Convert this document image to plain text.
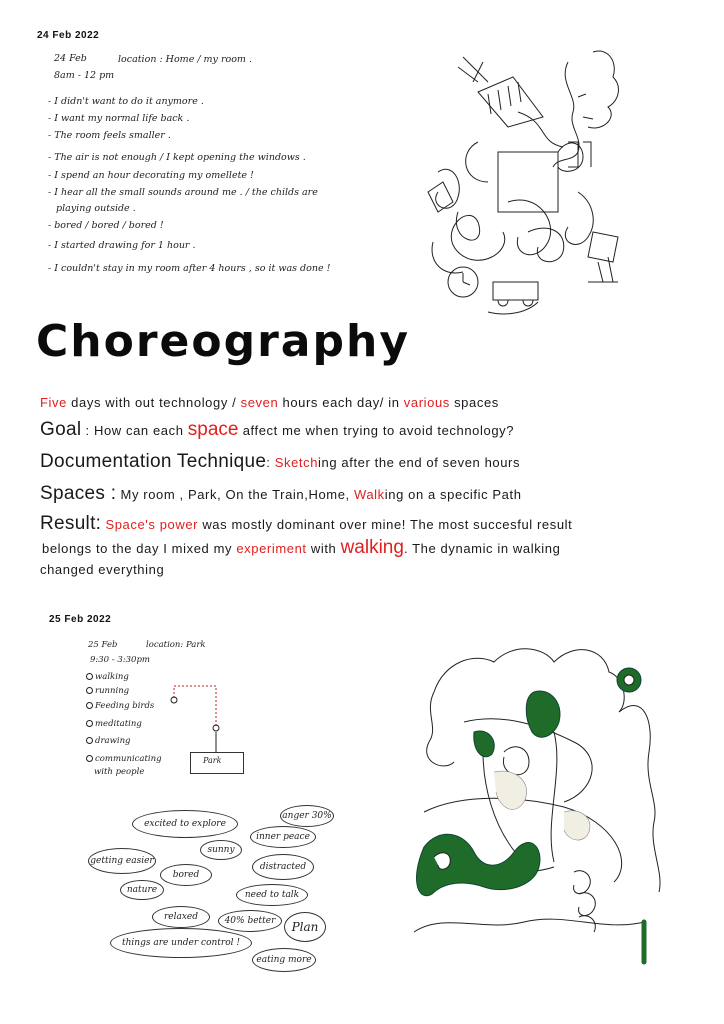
24 Feb 2022
24 Feb	location : Home / my room .
8am - 12 pm
- I didn't want to do it anymore .
- I want my normal life back .
- The room feels smaller .
- The air is not enough / I kept opening the windows .
- I spend an hour decorating my omellete !
- I hear all the small sounds around me . / the childs are
playing outside .
- bored / bored / bored !
- I started drawing for 1 hour .
- I couldn't stay in my room after 4 hours , so it was done !
Choreography
Five days with out technology / seven hours each day/ in various spaces
Goal : How can each space affect me when trying to avoid technology?
Documentation Technique: Sketching after the end of seven hours
Spaces : My room , Park, On the Train,Home, Walking on a specific Path
Result: Space's power was mostly dominant over mine! The most succesful result
belongs to the day I mixed my experiment with walking. The dynamic in walking
changed everything
25 Feb 2022
25 Feb	location: Park
9:30 - 3:30pm
walking
running
Feeding birds
meditating
drawing
communicating
with people
Park
excited to explore
anger 30%
inner peace
sunny
getting easier
distracted
bored
nature	need to talk
relaxed	40% better	Plan
things are under control !
eating more
